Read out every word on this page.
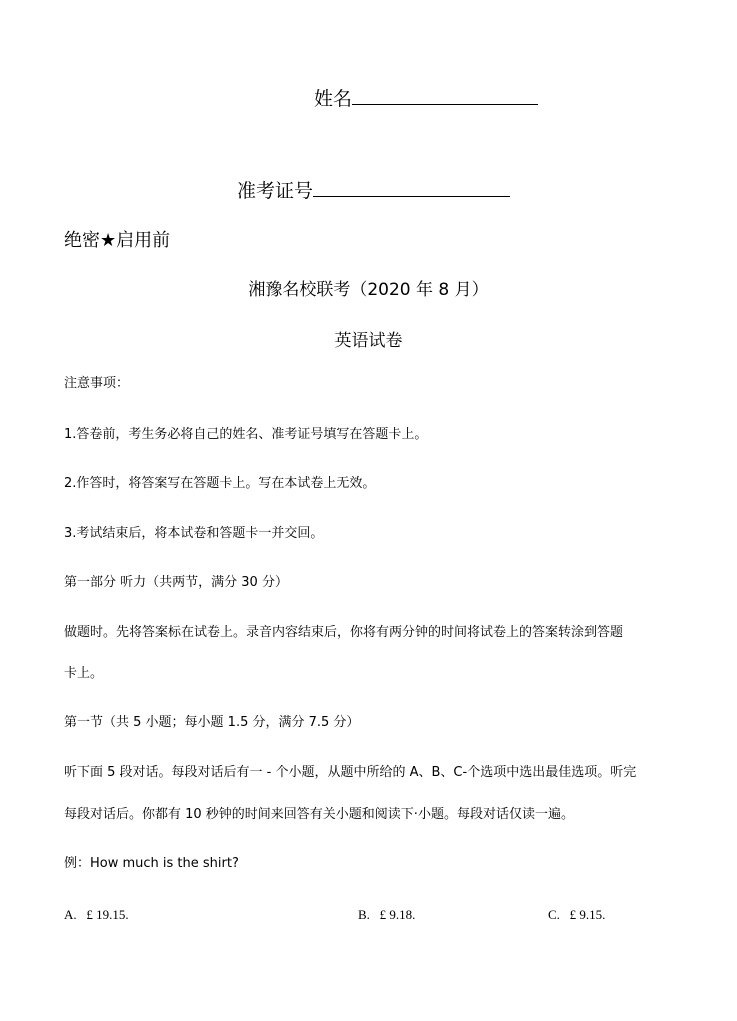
姓名
准考证号
绝密★启用前
湘豫名校联考（2020 年 8 月）
英语试卷
注意事项：
1.答卷前，考生务必将自己的姓名、准考证号填写在答题卡上。
2.作答时，将答案写在答题卡上。写在本试卷上无效。
3.考试结束后，将本试卷和答题卡一并交回。
第一部分 听力（共两节，满分 30 分）
做题时。先将答案标在试卷上。录音内容结束后，你将有两分钟的时间将试卷上的答案转涂到答题
卡上。
第一节（共 5 小题；每小题 1.5 分，满分 7.5 分）
听下面 5 段对话。每段对话后有一 - 个小题，从题中所给的 A、B、C-个选项中选出最佳选项。听完
每段对话后。你都有 10 秒钟的时间来回答有关小题和阅读下·小题。每段对话仅读一遍。
例：How much is the shirt?
A. £ 19.15.	B. £ 9.18.	C. £ 9.15.
